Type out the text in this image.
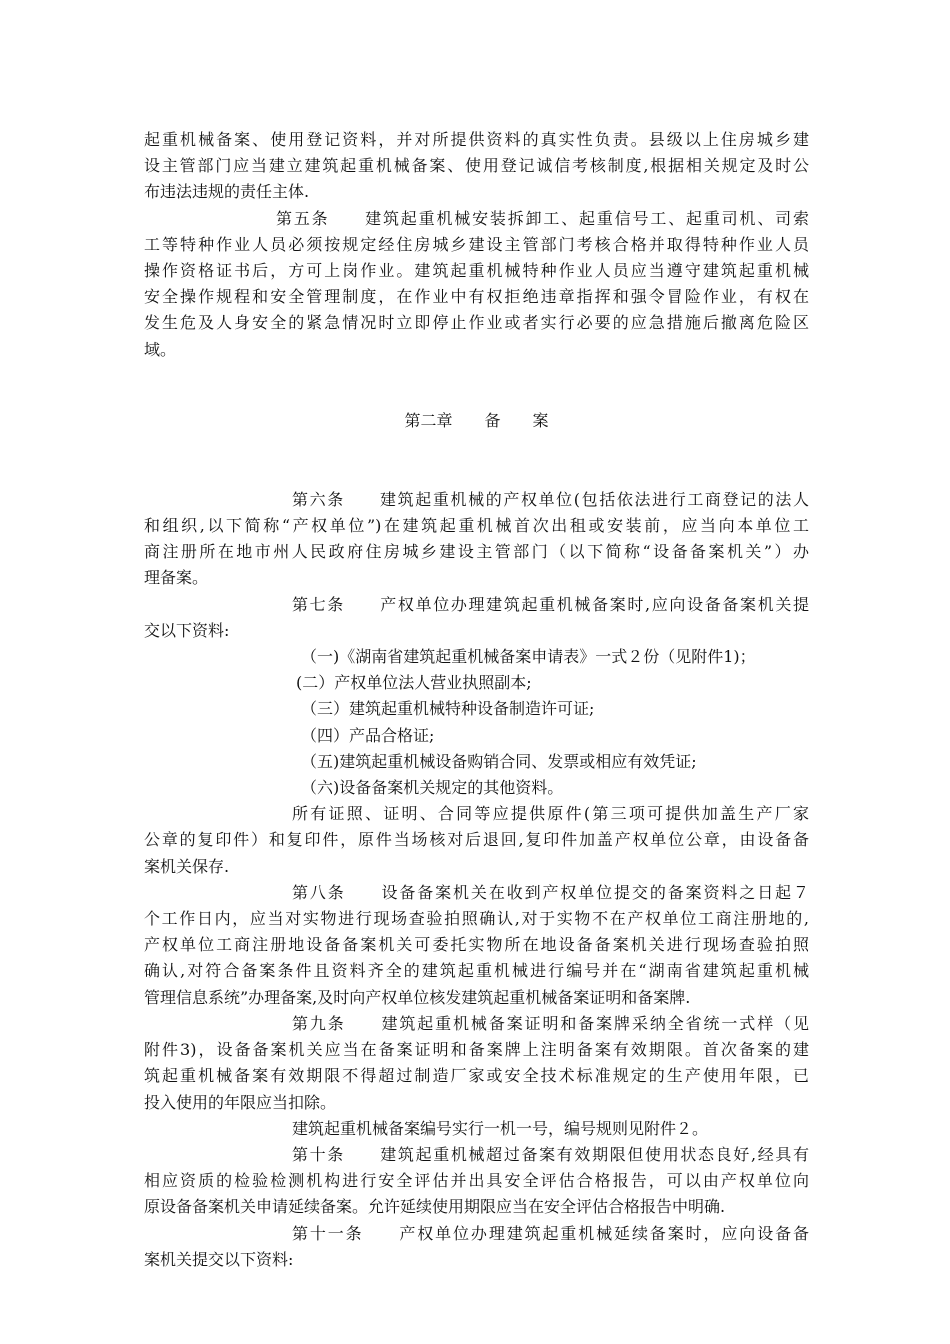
起重机械备案、使用登记资料，并对所提供资料的真实性负责。县级以上住房城乡建
设主管部门应当建立建筑起重机械备案、使用登记诚信考核制度,根据相关规定及时公
布违法违规的责任主体.
第五条　　建筑起重机械安装拆卸工、起重信号工、起重司机、司索
工等特种作业人员必须按规定经住房城乡建设主管部门考核合格并取得特种作业人员
操作资格证书后，方可上岗作业。建筑起重机械特种作业人员应当遵守建筑起重机械
安全操作规程和安全管理制度，在作业中有权拒绝违章指挥和强令冒险作业，有权在
发生危及人身安全的紧急情况时立即停止作业或者实行必要的应急措施后撤离危险区
域。
第二章　　备　　案
第六条　　建筑起重机械的产权单位(包括依法进行工商登记的法人
和组织,以下简称“产权单位”)在建筑起重机械首次出租或安装前，应当向本单位工
商注册所在地市州人民政府住房城乡建设主管部门（以下简称“设备备案机关”）办
理备案。
第七条　　产权单位办理建筑起重机械备案时,应向设备备案机关提
交以下资料:
（一)《湖南省建筑起重机械备案申请表》一式２份（见附件1)；
(二）产权单位法人营业执照副本;
（三）建筑起重机械特种设备制造许可证;
（四）产品合格证;
（五)建筑起重机械设备购销合同、发票或相应有效凭证;
（六)设备备案机关规定的其他资料。
所有证照、证明、合同等应提供原件(第三项可提供加盖生产厂家
公章的复印件）和复印件，原件当场核对后退回,复印件加盖产权单位公章，由设备备
案机关保存.
第八条　　设备备案机关在收到产权单位提交的备案资料之日起７
个工作日内，应当对实物进行现场查验拍照确认,对于实物不在产权单位工商注册地的,
产权单位工商注册地设备备案机关可委托实物所在地设备备案机关进行现场查验拍照
确认,对符合备案条件且资料齐全的建筑起重机械进行编号并在“湖南省建筑起重机械
管理信息系统”办理备案,及时向产权单位核发建筑起重机械备案证明和备案牌.
第九条　　建筑起重机械备案证明和备案牌采纳全省统一式样（见
附件3)，设备备案机关应当在备案证明和备案牌上注明备案有效期限。首次备案的建
筑起重机械备案有效期限不得超过制造厂家或安全技术标准规定的生产使用年限，已
投入使用的年限应当扣除。
建筑起重机械备案编号实行一机一号，编号规则见附件２。
第十条　　建筑起重机械超过备案有效期限但使用状态良好,经具有
相应资质的检验检测机构进行安全评估并出具安全评估合格报告，可以由产权单位向
原设备备案机关申请延续备案。允许延续使用期限应当在安全评估合格报告中明确.
第十一条　　产权单位办理建筑起重机械延续备案时，应向设备备
案机关提交以下资料:
